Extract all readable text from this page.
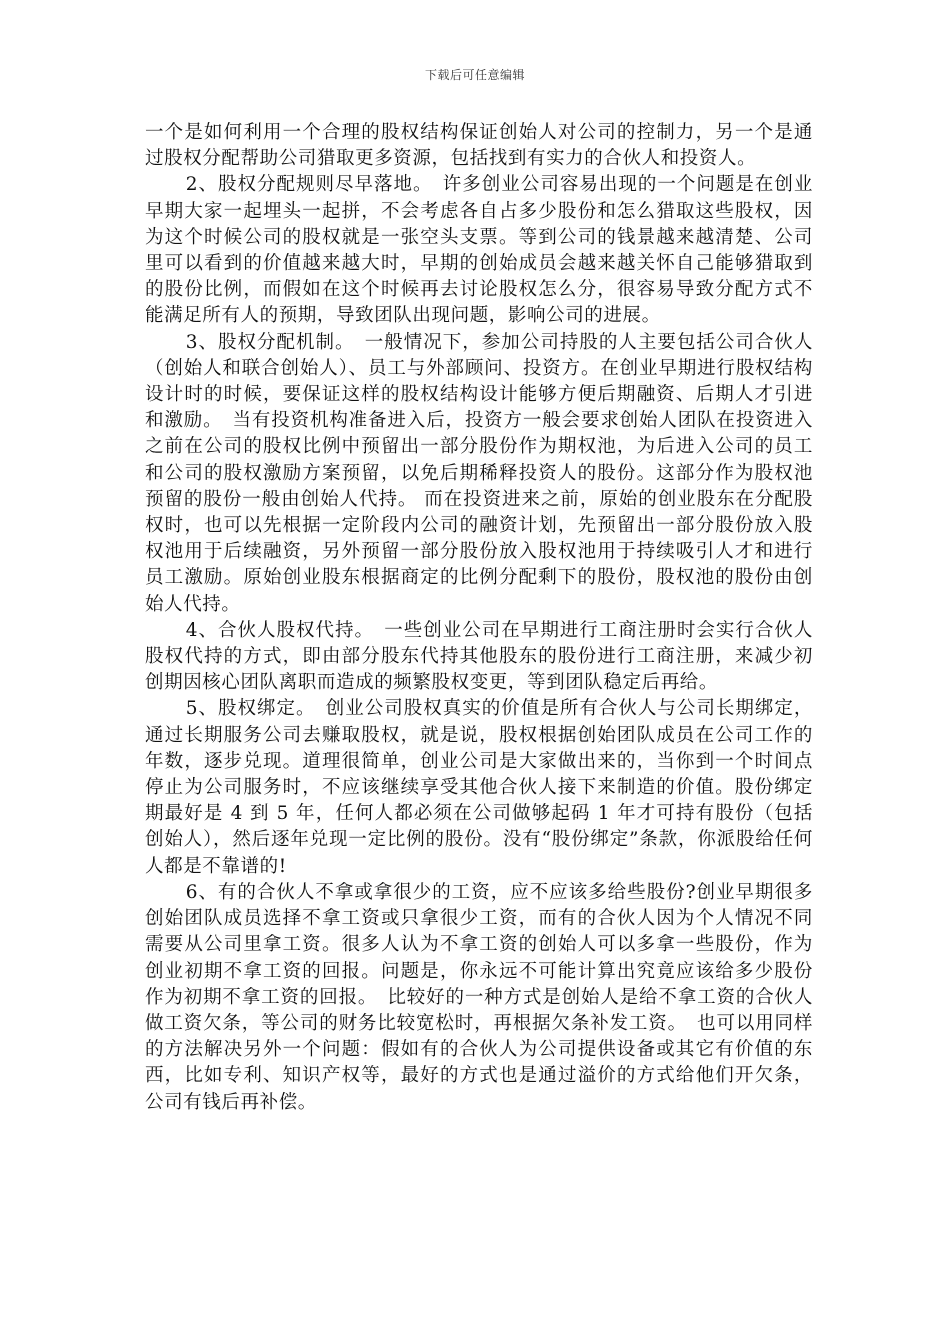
下载后可任意编辑

一个是如何利用一个合理的股权结构保证创始人对公司的控制力，另一个是通过股权分配帮助公司猎取更多资源，包括找到有实力的合伙人和投资人。

2、股权分配规则尽早落地。　许多创业公司容易出现的一个问题是在创业早期大家一起埋头一起拼，不会考虑各自占多少股份和怎么猎取这些股权，因为这个时候公司的股权就是一张空头支票。等到公司的钱景越来越清楚、公司里可以看到的价值越来越大时，早期的创始成员会越来越关怀自己能够猎取到的股份比例，而假如在这个时候再去讨论股权怎么分，很容易导致分配方式不能满足所有人的预期，导致团队出现问题，影响公司的进展。

3、股权分配机制。　一般情况下，参加公司持股的人主要包括公司合伙人（创始人和联合创始人）、员工与外部顾问、投资方。在创业早期进行股权结构设计时的时候，要保证这样的股权结构设计能够方便后期融资、后期人才引进和激励。　当有投资机构准备进入后，投资方一般会要求创始人团队在投资进入之前在公司的股权比例中预留出一部分股份作为期权池，为后进入公司的员工和公司的股权激励方案预留，以免后期稀释投资人的股份。这部分作为股权池预留的股份一般由创始人代持。 而在投资进来之前，原始的创业股东在分配股权时，也可以先根据一定阶段内公司的融资计划，先预留出一部分股份放入股权池用于后续融资，另外预留一部分股份放入股权池用于持续吸引人才和进行员工激励。原始创业股东根据商定的比例分配剩下的股份，股权池的股份由创始人代持。

4、合伙人股权代持。　一些创业公司在早期进行工商注册时会实行合伙人股权代持的方式，即由部分股东代持其他股东的股份进行工商注册，来减少初创期因核心团队离职而造成的频繁股权变更，等到团队稳定后再给。

5、股权绑定。　创业公司股权真实的价值是所有合伙人与公司长期绑定，通过长期服务公司去赚取股权，就是说，股权根据创始团队成员在公司工作的年数，逐步兑现。道理很简单，创业公司是大家做出来的，当你到一个时间点停止为公司服务时，不应该继续享受其他合伙人接下来制造的价值。股份绑定期最好是 4 到 5 年，任何人都必须在公司做够起码 1 年才可持有股份（包括创始人），然后逐年兑现一定比例的股份。没有“股份绑定”条款，你派股给任何人都是不靠谱的!

6、有的合伙人不拿或拿很少的工资，应不应该多给些股份?创业早期很多创始团队成员选择不拿工资或只拿很少工资，而有的合伙人因为个人情况不同需要从公司里拿工资。很多人认为不拿工资的创始人可以多拿一些股份，作为创业初期不拿工资的回报。问题是，你永远不可能计算出究竟应该给多少股份作为初期不拿工资的回报。　比较好的一种方式是创始人是给不拿工资的合伙人做工资欠条，等公司的财务比较宽松时，再根据欠条补发工资。　也可以用同样的方法解决另外一个问题：假如有的合伙人为公司提供设备或其它有价值的东西，比如专利、知识产权等，最好的方式也是通过溢价的方式给他们开欠条，公司有钱后再补偿。
